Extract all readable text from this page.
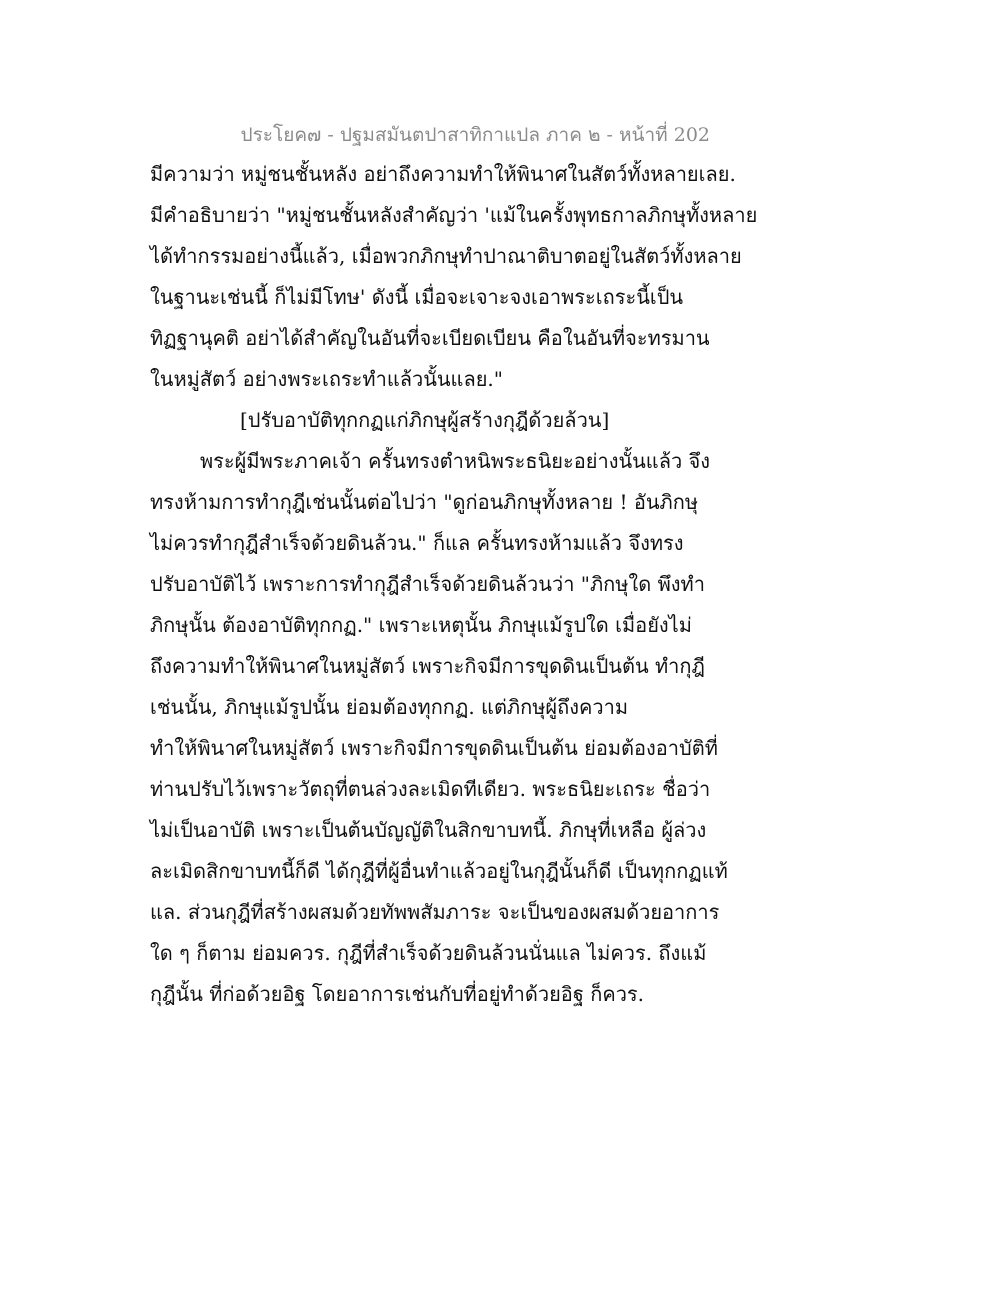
ประโยค๗ - ปฐมสมันตปาสาทิกาแปล ภาค ๒ - หน้าที่ 202
มีความว่า หมู่ชนชั้นหลัง อย่าถึงความทำให้พินาศในสัตว์ทั้งหลายเลย.
มีคำอธิบายว่า "หมู่ชนชั้นหลังสำคัญว่า 'แม้ในครั้งพุทธกาลภิกษุทั้งหลาย
ได้ทำกรรมอย่างนี้แล้ว, เมื่อพวกภิกษุทำปาณาติบาตอยู่ในสัตว์ทั้งหลาย
ในฐานะเช่นนี้ ก็ไม่มีโทษ' ดังนี้ เมื่อจะเจาะจงเอาพระเถระนี้เป็น
ทิฏฐานุคติ อย่าได้สำคัญในอันที่จะเบียดเบียน คือในอันที่จะทรมาน
ในหมู่สัตว์ อย่างพระเถระทำแล้วนั้นแลย."
[ปรับอาบัติทุกกฏแก่ภิกษุผู้สร้างกุฎีด้วยล้วน]
พระผู้มีพระภาคเจ้า ครั้นทรงตำหนิพระธนิยะอย่างนั้นแล้ว จึง
ทรงห้ามการทำกุฎีเช่นนั้นต่อไปว่า "ดูก่อนภิกษุทั้งหลาย ! อันภิกษุ
ไม่ควรทำกุฎีสำเร็จด้วยดินล้วน." ก็แล ครั้นทรงห้ามแล้ว จึงทรง
ปรับอาบัติไว้ เพราะการทำกุฎีสำเร็จด้วยดินล้วนว่า "ภิกษุใด พึงทำ
ภิกษุนั้น ต้องอาบัติทุกกฏ." เพราะเหตุนั้น ภิกษุแม้รูปใด เมื่อยังไม่
ถึงความทำให้พินาศในหมู่สัตว์ เพราะกิจมีการขุดดินเป็นต้น ทำกุฎี
เช่นนั้น, ภิกษุแม้รูปนั้น ย่อมต้องทุกกฏ. แต่ภิกษุผู้ถึงความ
ทำให้พินาศในหมู่สัตว์ เพราะกิจมีการขุดดินเป็นต้น ย่อมต้องอาบัติที่
ท่านปรับไว้เพราะวัตถุที่ตนล่วงละเมิดทีเดียว. พระธนิยะเถระ ชื่อว่า
ไม่เป็นอาบัติ เพราะเป็นต้นบัญญัติในสิกขาบทนี้. ภิกษุที่เหลือ ผู้ล่วง
ละเมิดสิกขาบทนี้ก็ดี ได้กุฎีที่ผู้อื่นทำแล้วอยู่ในกุฎีนั้นก็ดี เป็นทุกกฏแท้
แล. ส่วนกุฎีที่สร้างผสมด้วยทัพพสัมภาระ จะเป็นของผสมด้วยอาการ
ใด ๆ ก็ตาม ย่อมควร. กุฎีที่สำเร็จด้วยดินล้วนนั่นแล ไม่ควร. ถึงแม้
กุฎีนั้น ที่ก่อด้วยอิฐ โดยอาการเช่นกับที่อยู่ทำด้วยอิฐ ก็ควร.
